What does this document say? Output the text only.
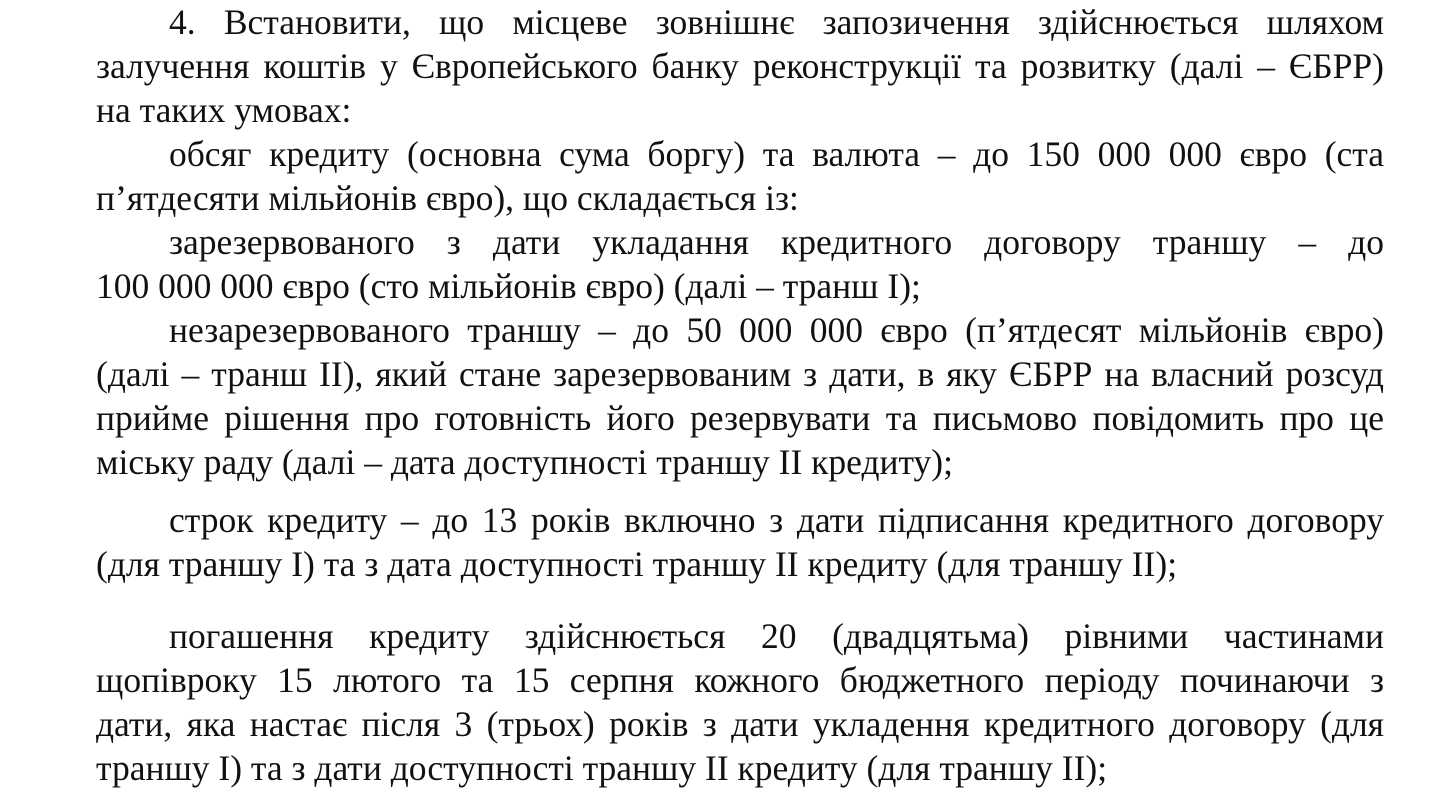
4. Встановити, що місцеве зовнішнє запозичення здійснюється шляхом
залучення коштів у Європейського банку реконструкції та розвитку (далі – ЄБРР)
на таких умовах:
обсяг кредиту (основна сума боргу) та валюта – до 150 000 000 євро (ста
п’ятдесяти мільйонів євро), що складається із:
зарезервованого з дати укладання кредитного договору траншу – до
100 000 000 євро (сто мільйонів євро) (далі – транш I);
незарезервованого траншу – до 50 000 000 євро (п’ятдесят мільйонів євро)
(далі – транш II), який стане зарезервованим з дати, в яку ЄБРР на власний розсуд
прийме рішення про готовність його резервувати та письмово повідомить про це
міську раду (далі – дата доступності траншу II кредиту);
строк кредиту – до 13 років включно з дати підписання кредитного договору
(для траншу I) та з дата доступності траншу II кредиту (для траншу II);
погашення кредиту здійснюється 20 (двадцятьма) рівними частинами
щопівроку 15 лютого та 15 серпня кожного бюджетного періоду починаючи з
дати, яка настає після 3 (трьох) років з дати укладення кредитного договору (для
траншу I) та з дати доступності траншу II кредиту (для траншу II);
